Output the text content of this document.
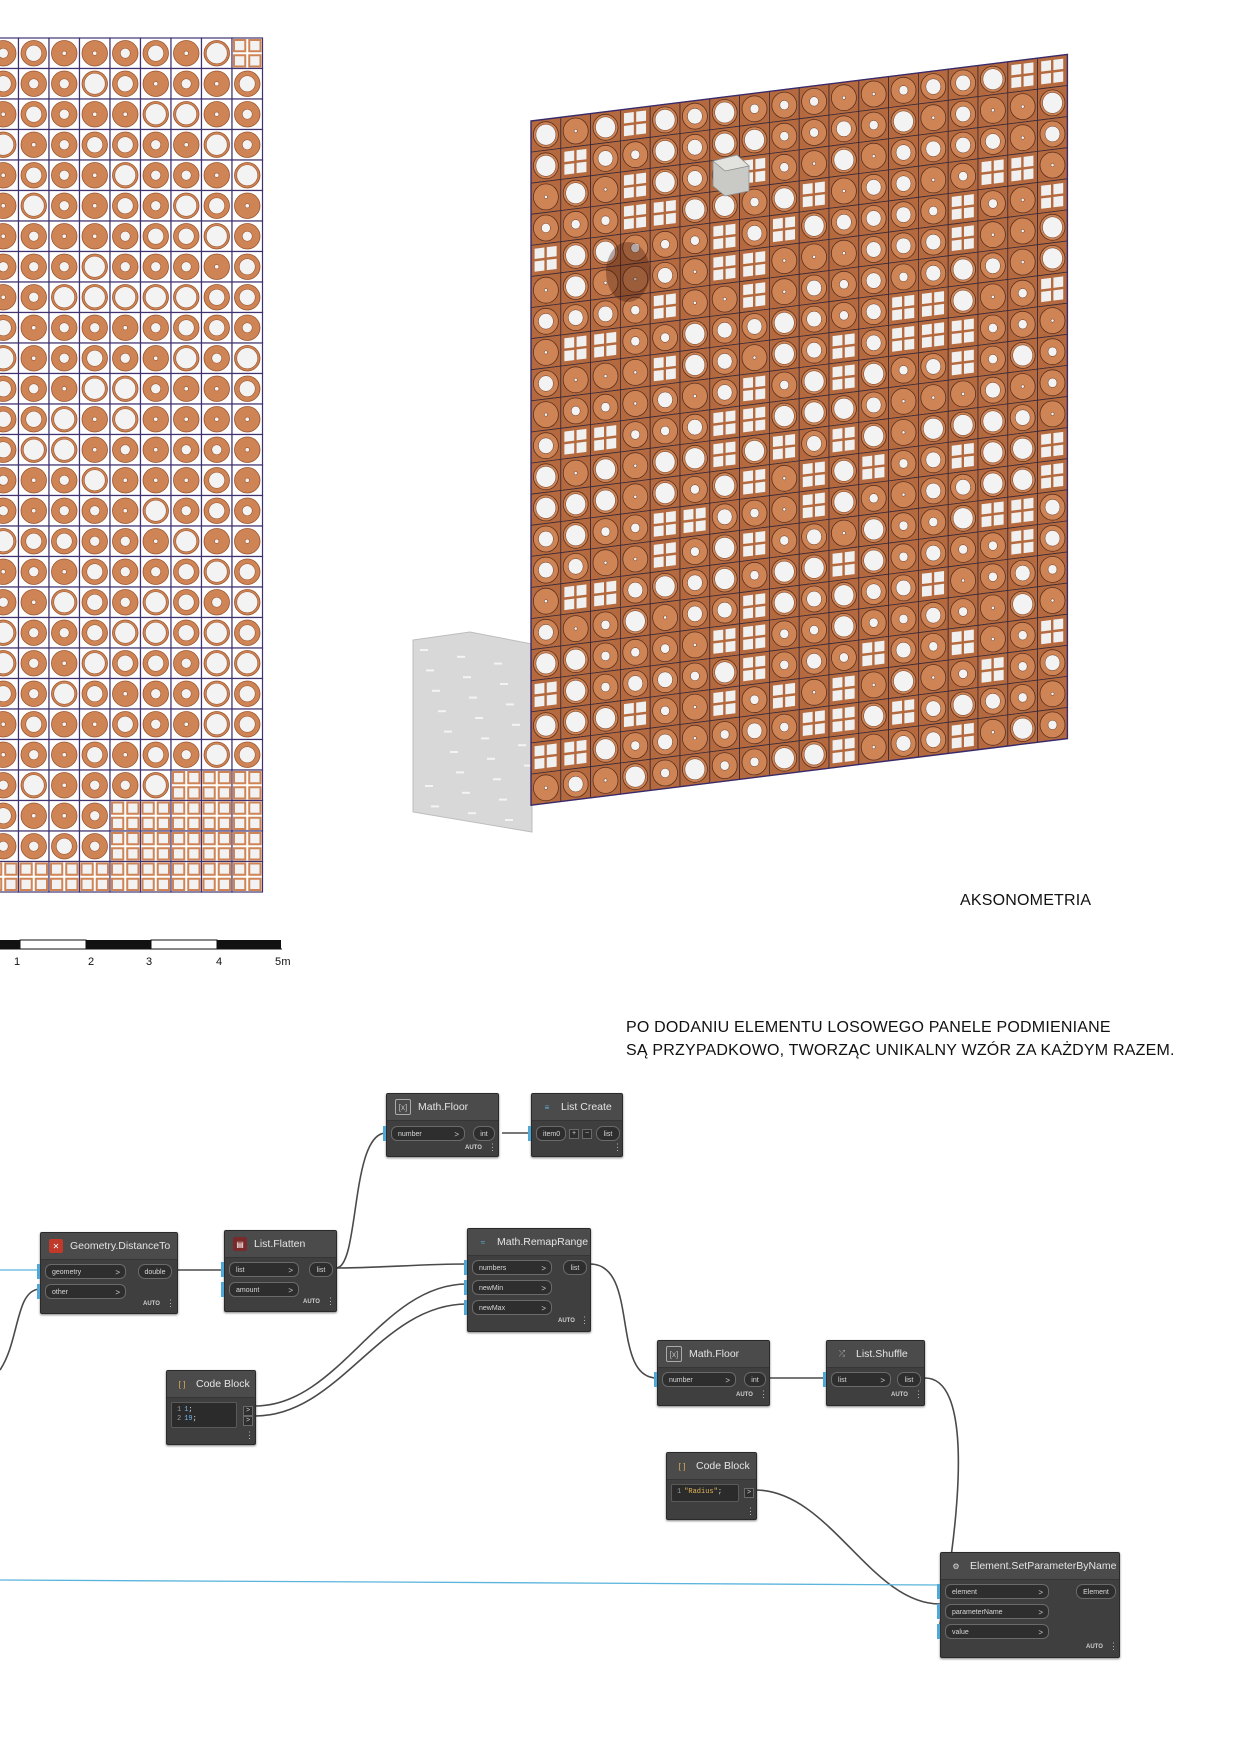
AKSONOMETRIA
1	2	3	4	5m
PO DODANIU ELEMENTU LOSOWEGO PANELE PODMIENIANE
SĄ PRZYPADKOWO, TWORZĄC UNIKALNY WZÓR ZA KAŻDYM RAZEM.
✕	Geometry.DistanceTo
geometry	>
other	>
double
AUTO ⋮
▤ List.Flatten
list	>
amount	>
list
AUTO ⋮
[x]	Math.Floor
number	>	int
AUTO ⋮
≡	List Create
item0	+	−	list
⋮
≈	Math.RemapRange
numbers	>
newMin	>
newMax	>
list
AUTO ⋮
[ ]	Code Block
1 1;
2 19;
>
>
⋮
[x]	Math.Floor
number	>	int
AUTO ⋮
⤮	List.Shuffle
list	>	list
AUTO ⋮
[ ]	Code Block
1 "Radius";	>
⋮
⚙ Element.SetParameterByName
element	>
parameterName	>
value	>
Element
AUTO ⋮
